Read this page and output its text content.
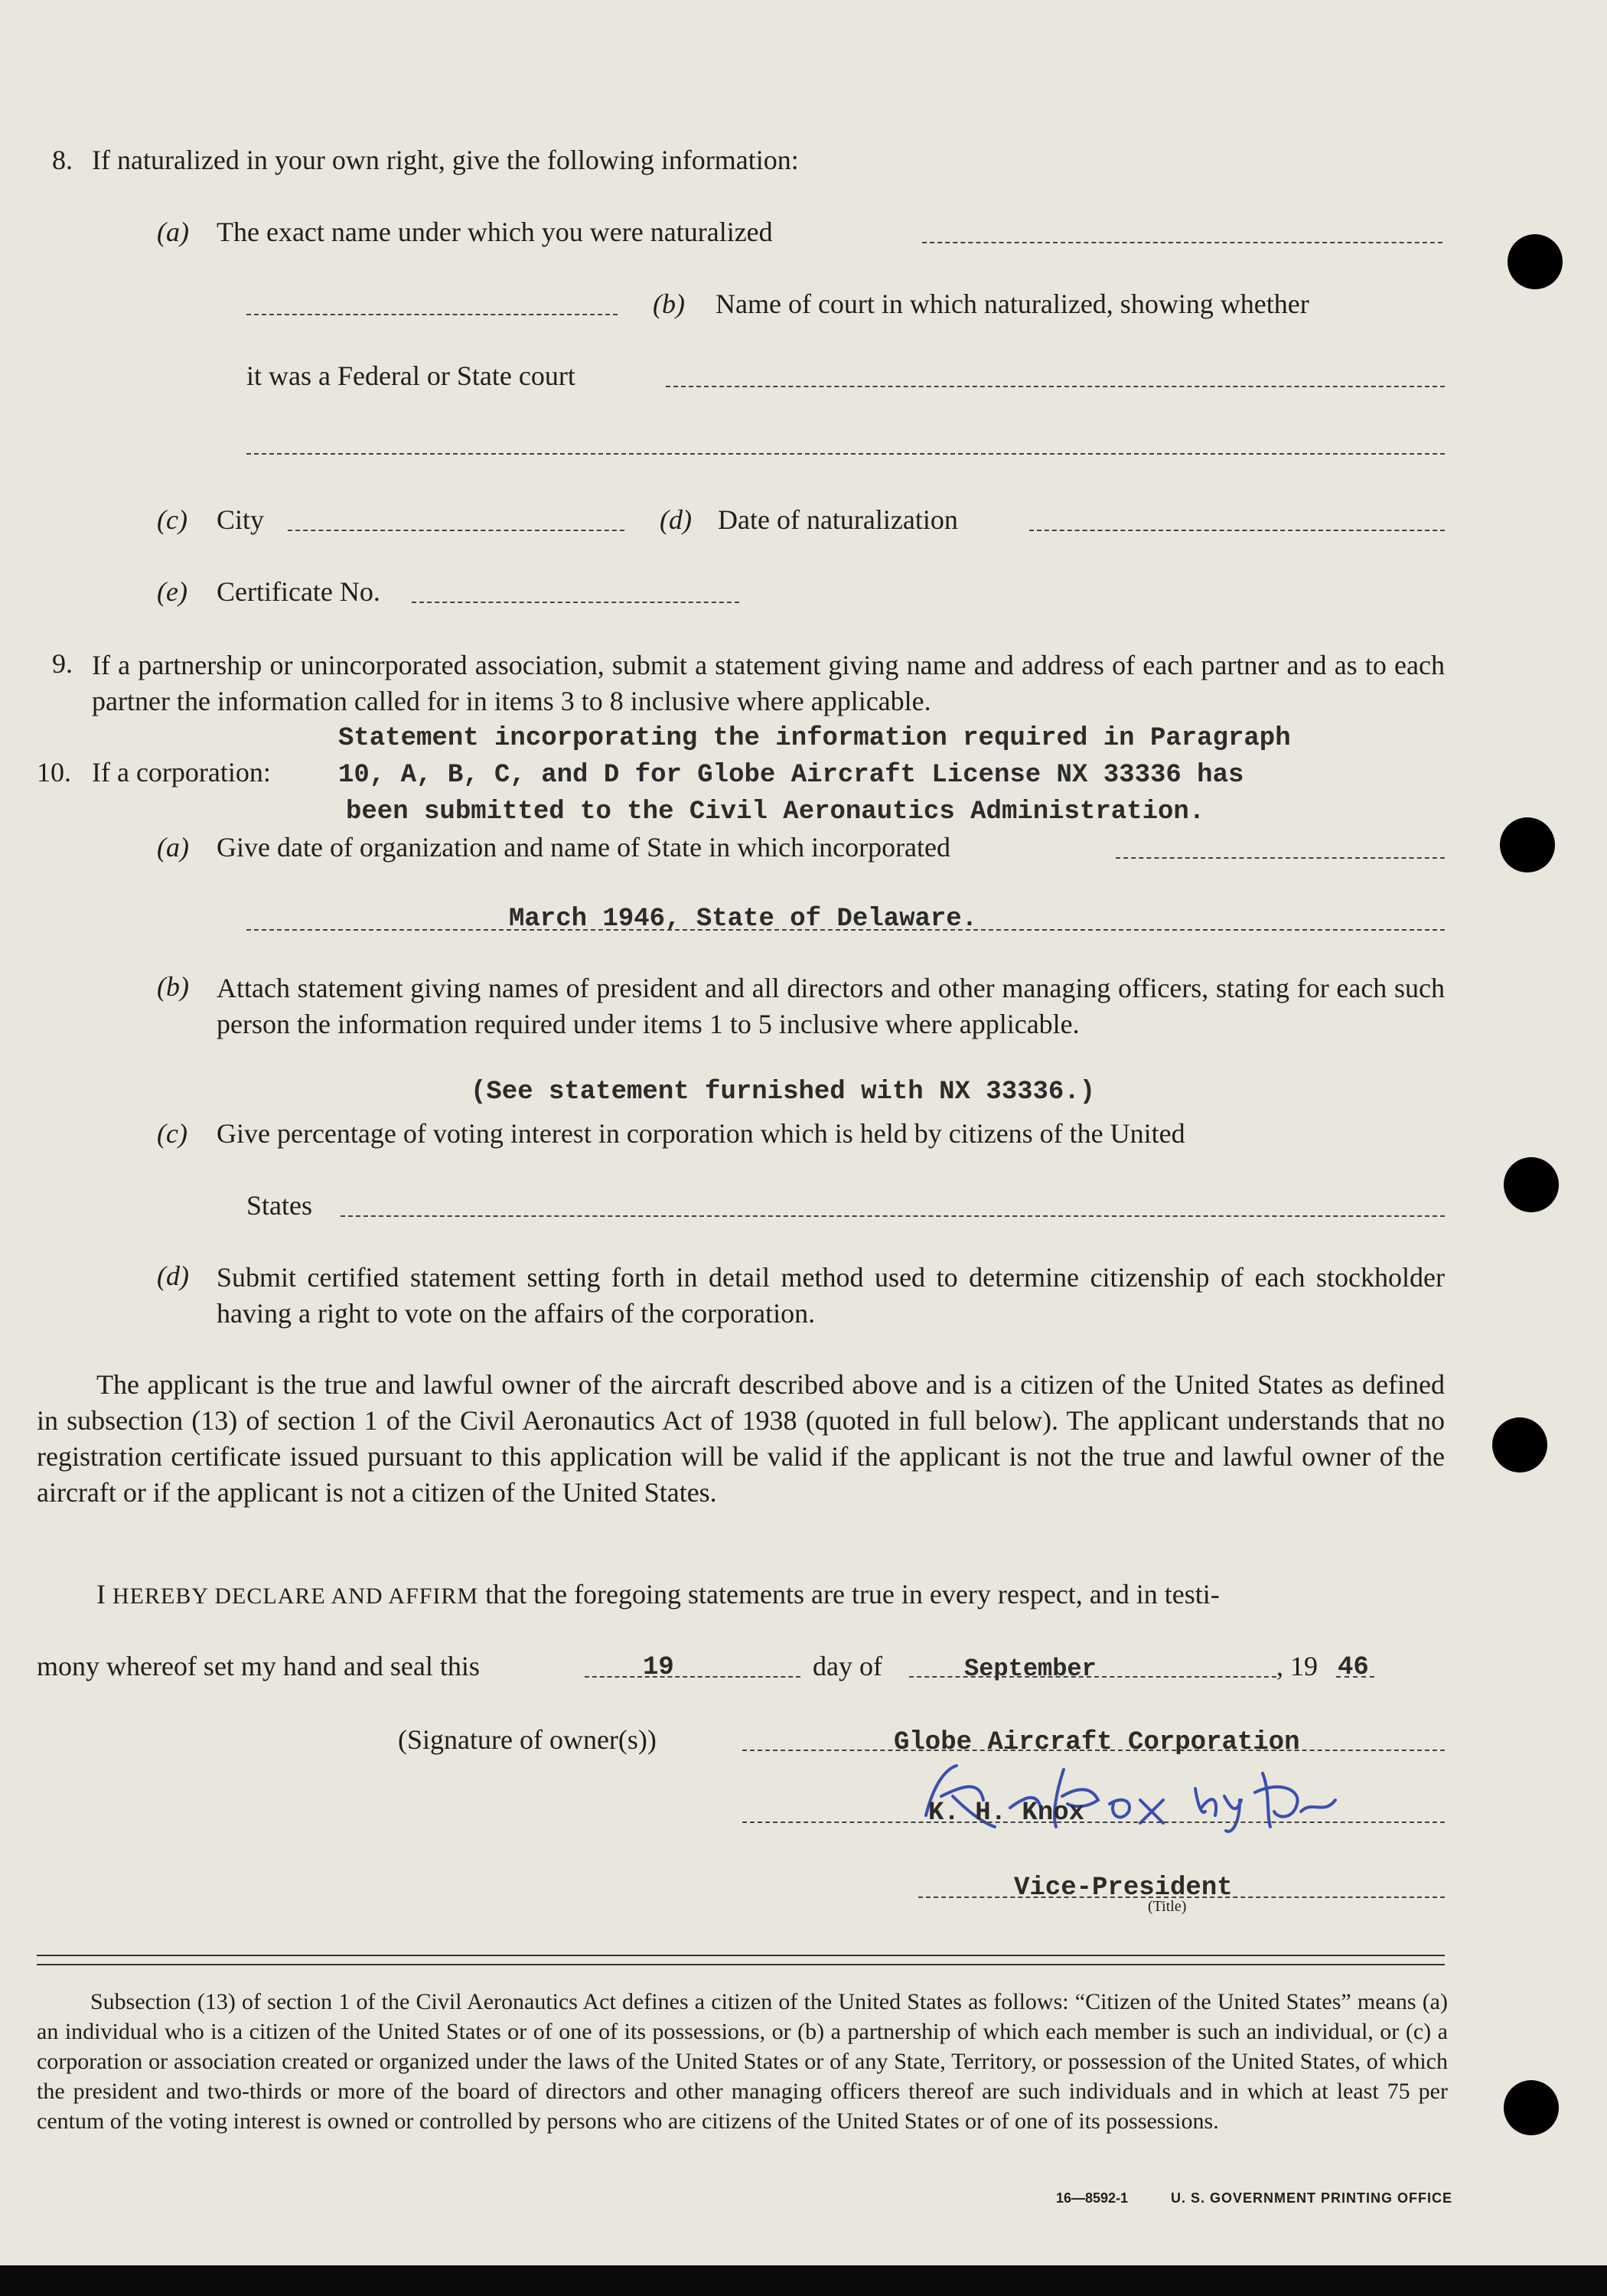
8. If naturalized in your own right, give the following information:
(a) The exact name under which you were naturalized
(b) Name of court in which naturalized, showing whether
it was a Federal or State court
(c) City	(d) Date of naturalization
(e) Certificate No.
9. If a partnership or unincorporated association, submit a statement giving name and address of each partner and as to each partner the information called for in items 3 to 8 inclusive where applicable.
10. If a corporation:
Statement incorporating the information required in Paragraph
10, A, B, C, and D for Globe Aircraft License NX 33336 has
been submitted to the Civil Aeronautics Administration.
(a) Give date of organization and name of State in which incorporated
March 1946, State of Delaware.
(b) Attach statement giving names of president and all directors and other managing officers, stating for each such person the information required under items 1 to 5 inclusive where applicable.
(See statement furnished with NX 33336.)
(c) Give percentage of voting interest in corporation which is held by citizens of the United
States
(d) Submit certified statement setting forth in detail method used to determine citizenship of each stockholder having a right to vote on the affairs of the corporation.
The applicant is the true and lawful owner of the aircraft described above and is a citizen of the United States as defined in subsection (13) of section 1 of the Civil Aeronautics Act of 1938 (quoted in full below). The applicant understands that no registration certificate issued pursuant to this application will be valid if the applicant is not the true and lawful owner of the aircraft or if the applicant is not a citizen of the United States.
I HEREBY DECLARE AND AFFIRM that the foregoing statements are true in every respect, and in testi-
mony whereof set my hand and seal this	19	day of	September	, 19 46
(Signature of owner(s))	Globe Aircraft Corporation
K. H. Knox
Vice-President
(Title)
Subsection (13) of section 1 of the Civil Aeronautics Act defines a citizen of the United States as follows: “Citizen of the United States” means (a) an individual who is a citizen of the United States or of one of its possessions, or (b) a partnership of which each member is such an individual, or (c) a corporation or association created or organized under the laws of the United States or of any State, Territory, or possession of the United States, of which the president and two-thirds or more of the board of directors and other managing officers thereof are such individuals and in which at least 75 per centum of the voting interest is owned or controlled by persons who are citizens of the United States or of one of its possessions.
16—8592-1	U. S. GOVERNMENT PRINTING OFFICE
